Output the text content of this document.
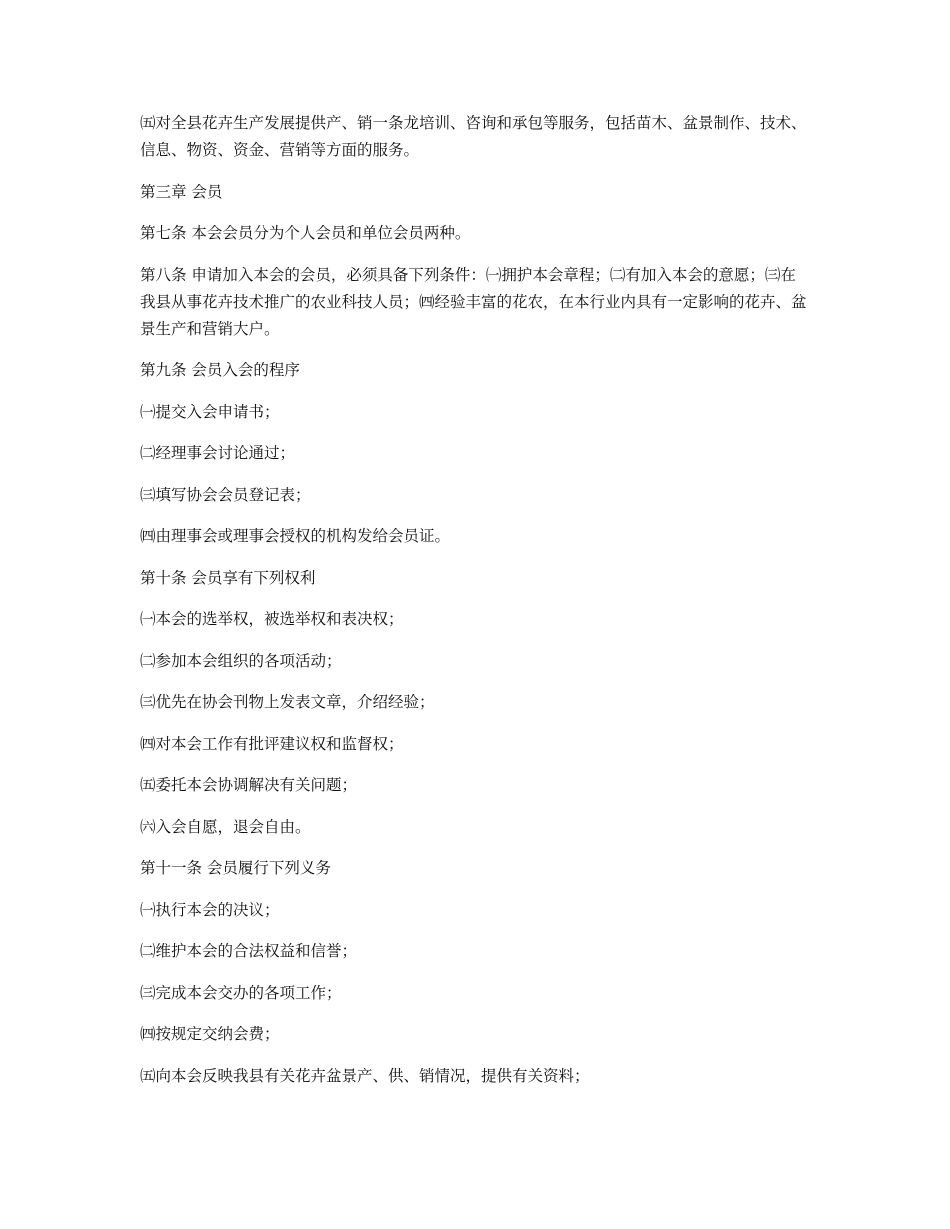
㈤对全县花卉生产发展提供产、销一条龙培训、咨询和承包等服务，包括苗木、盆景制作、技术、信息、物资、资金、营销等方面的服务。

第三章 会员

第七条 本会会员分为个人会员和单位会员两种。

第八条 申请加入本会的会员，必须具备下列条件：㈠拥护本会章程；㈡有加入本会的意愿；㈢在我县从事花卉技术推广的农业科技人员；㈣经验丰富的花农，在本行业内具有一定影响的花卉、盆景生产和营销大户。

第九条 会员入会的程序

㈠提交入会申请书；

㈡经理事会讨论通过；

㈢填写协会会员登记表；

㈣由理事会或理事会授权的机构发给会员证。

第十条 会员享有下列权利

㈠本会的选举权，被选举权和表决权；

㈡参加本会组织的各项活动；

㈢优先在协会刊物上发表文章，介绍经验；

㈣对本会工作有批评建议权和监督权；

㈤委托本会协调解决有关问题；

㈥入会自愿，退会自由。

第十一条 会员履行下列义务

㈠执行本会的决议；

㈡维护本会的合法权益和信誉；

㈢完成本会交办的各项工作；

㈣按规定交纳会费；

㈤向本会反映我县有关花卉盆景产、供、销情况，提供有关资料；
